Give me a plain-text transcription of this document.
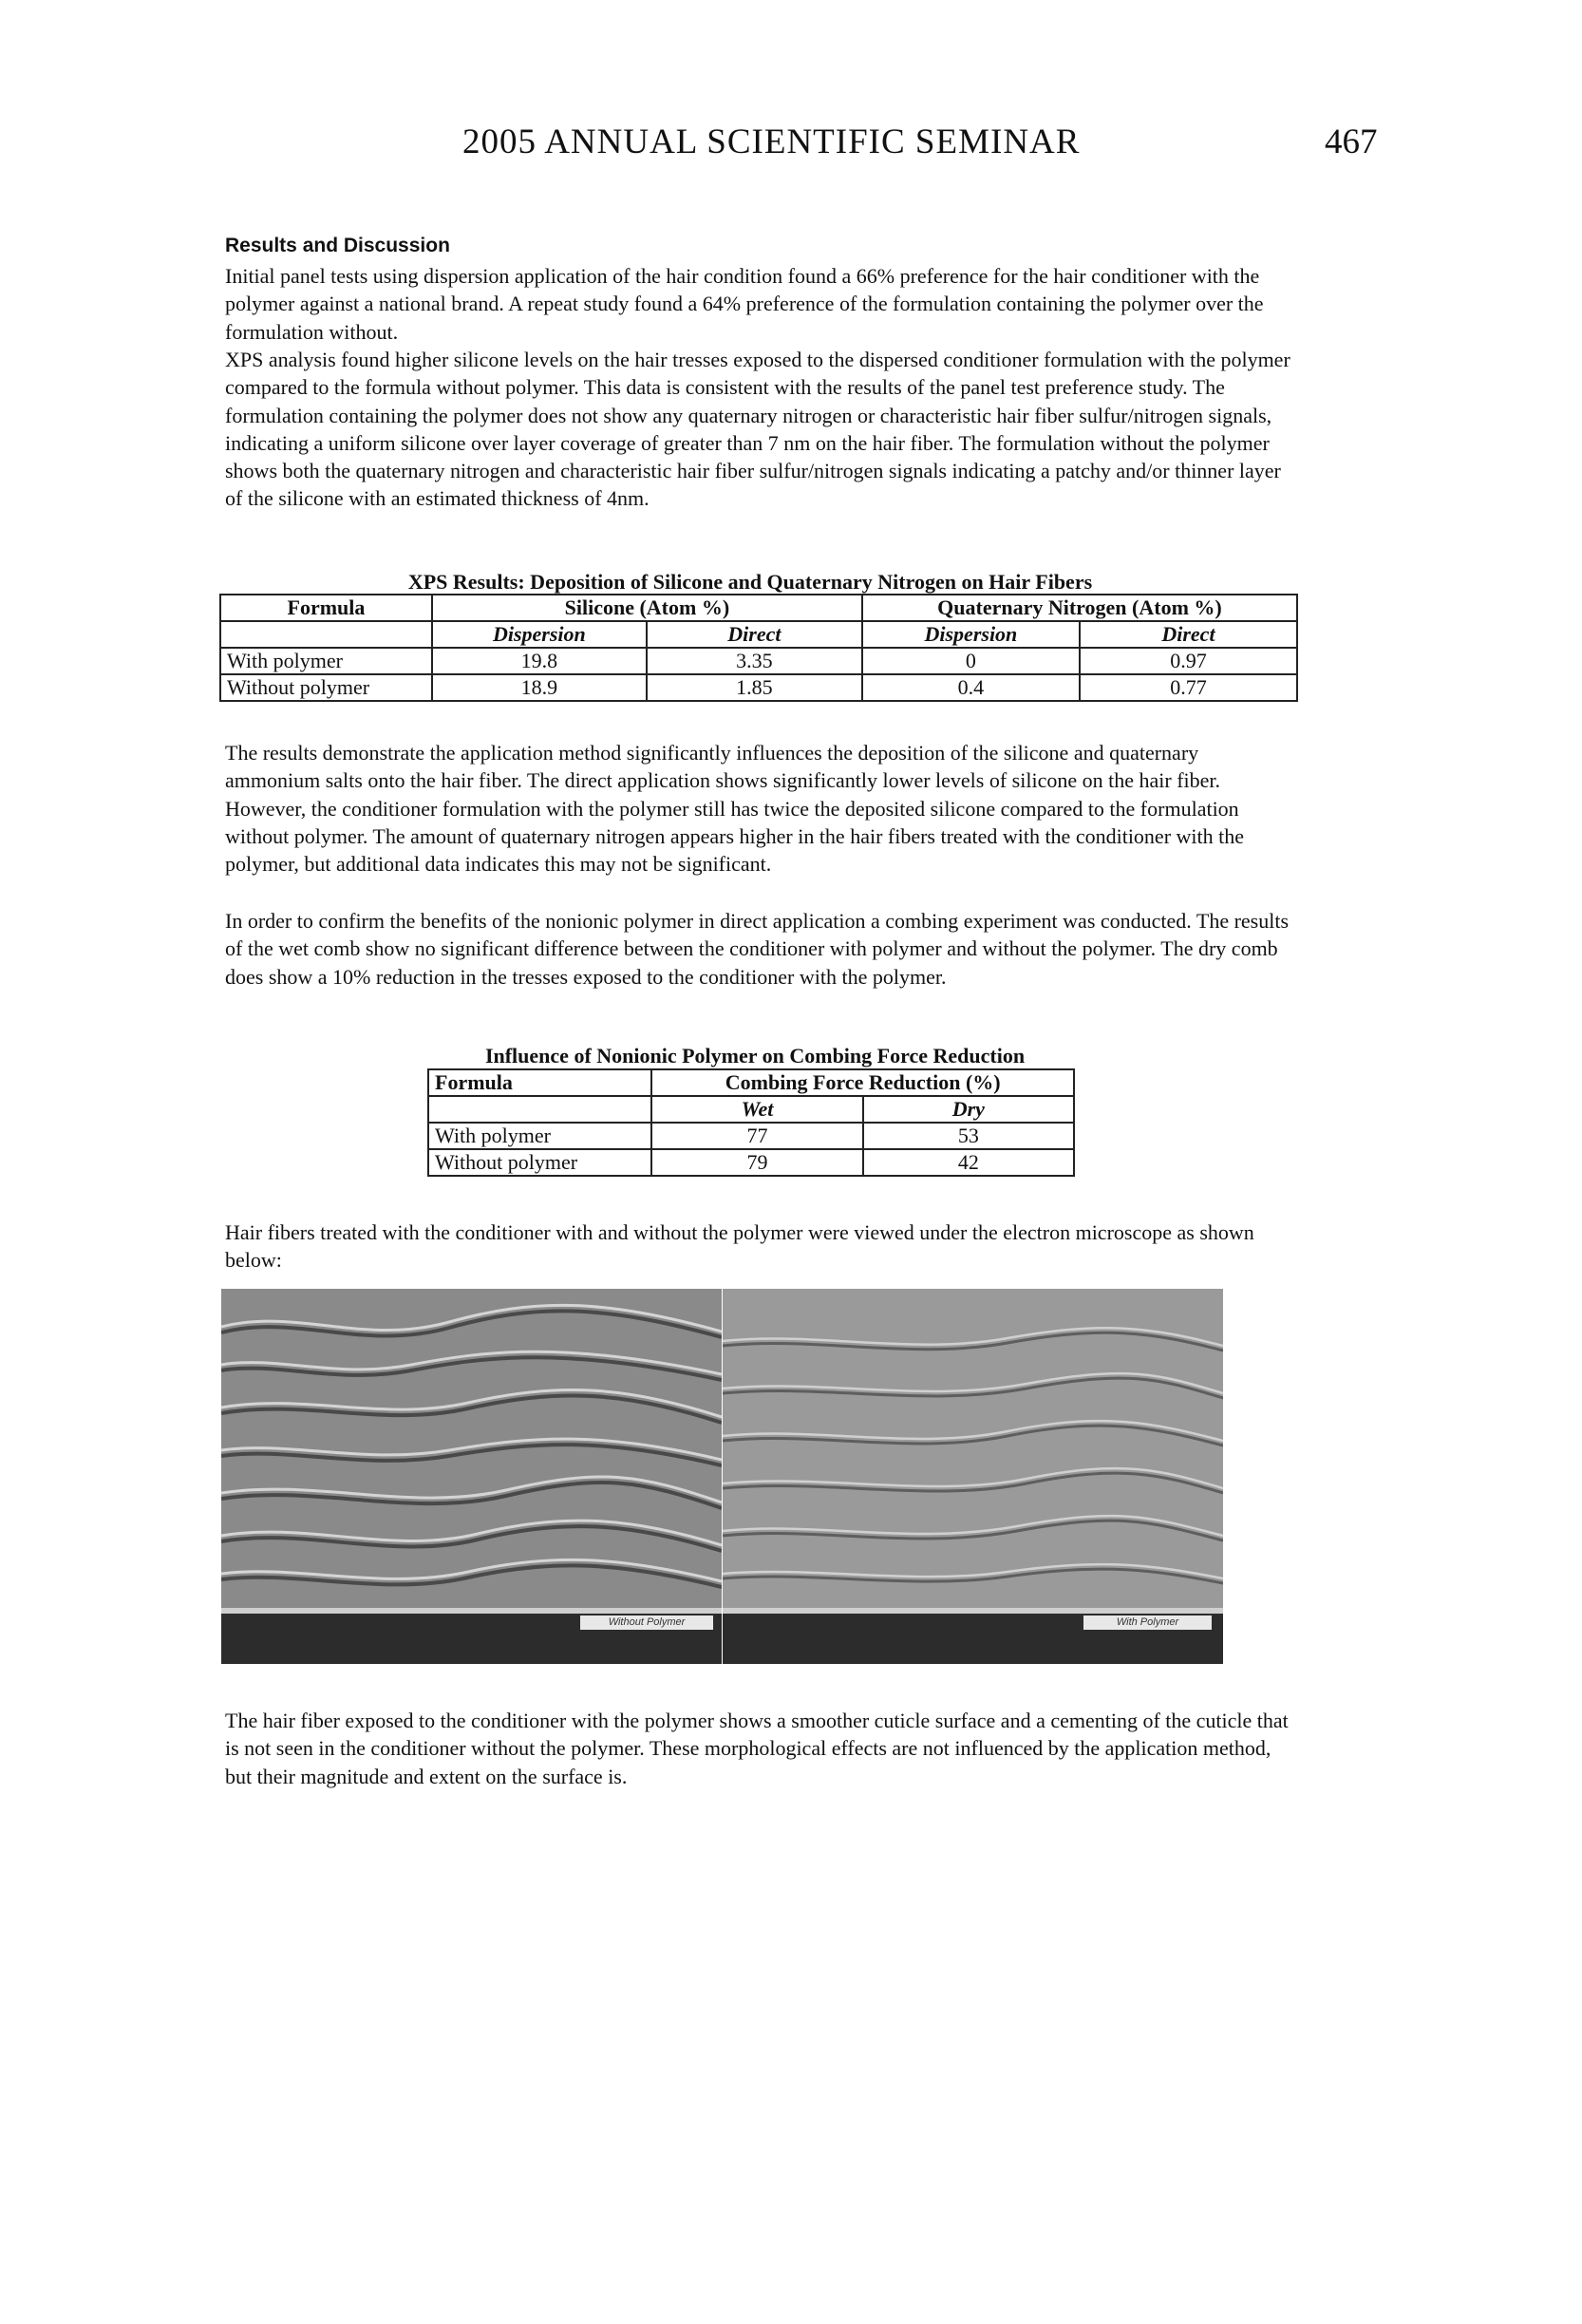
2005 ANNUAL SCIENTIFIC SEMINAR	467
Results and Discussion
Initial panel tests using dispersion application of the hair condition found a 66% preference for the hair conditioner with the polymer against a national brand. A repeat study found a 64% preference of the formulation containing the polymer over the formulation without.
XPS analysis found higher silicone levels on the hair tresses exposed to the dispersed conditioner formulation with the polymer compared to the formula without polymer. This data is consistent with the results of the panel test preference study. The formulation containing the polymer does not show any quaternary nitrogen or characteristic hair fiber sulfur/nitrogen signals, indicating a uniform silicone over layer coverage of greater than 7 nm on the hair fiber. The formulation without the polymer shows both the quaternary nitrogen and characteristic hair fiber sulfur/nitrogen signals indicating a patchy and/or thinner layer of the silicone with an estimated thickness of 4nm.
XPS Results: Deposition of Silicone and Quaternary Nitrogen on Hair Fibers
Formula	Silicone (Atom %)		Quaternary Nitrogen (Atom %)	
	Dispersion	Direct	Dispersion	Direct
With polymer	19.8	3.35	0	0.97
Without polymer	18.9	1.85	0.4	0.77
The results demonstrate the application method significantly influences the deposition of the silicone and quaternary ammonium salts onto the hair fiber. The direct application shows significantly lower levels of silicone on the hair fiber. However, the conditioner formulation with the polymer still has twice the deposited silicone compared to the formulation without polymer. The amount of quaternary nitrogen appears higher in the hair fibers treated with the conditioner with the polymer, but additional data indicates this may not be significant.
In order to confirm the benefits of the nonionic polymer in direct application a combing experiment was conducted. The results of the wet comb show no significant difference between the conditioner with polymer and without the polymer. The dry comb does show a 10% reduction in the tresses exposed to the conditioner with the polymer.
Influence of Nonionic Polymer on Combing Force Reduction
Formula	Combing Force Reduction (%)	
	Wet	Dry
With polymer	77	53
Without polymer	79	42
Hair fibers treated with the conditioner with and without the polymer were viewed under the electron microscope as shown below:
Without Polymer	With Polymer
The hair fiber exposed to the conditioner with the polymer shows a smoother cuticle surface and a cementing of the cuticle that is not seen in the conditioner without the polymer. These morphological effects are not influenced by the application method, but their magnitude and extent on the surface is.
